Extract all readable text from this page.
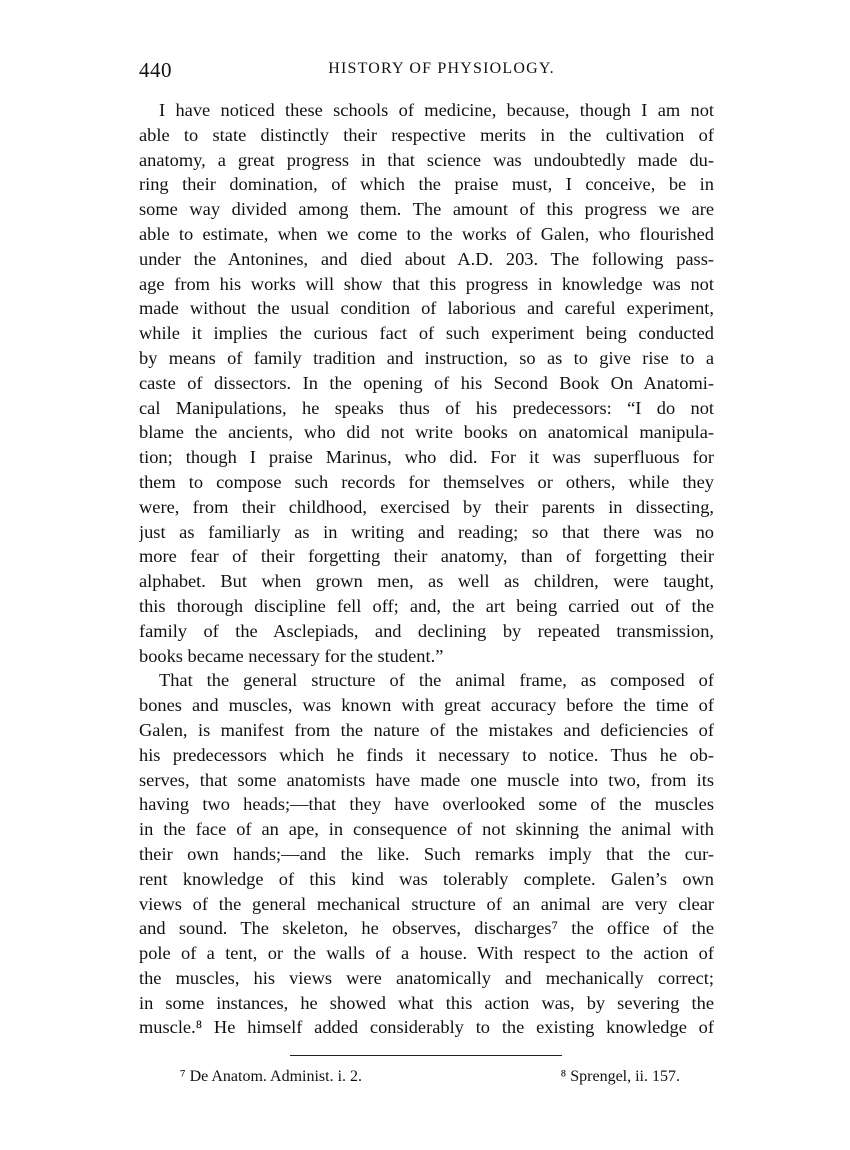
440	HISTORY OF PHYSIOLOGY.
I have noticed these schools of medicine, because, though I am not
able to state distinctly their respective merits in the cultivation of
anatomy, a great progress in that science was undoubtedly made du-
ring their domination, of which the praise must, I conceive, be in
some way divided among them. The amount of this progress we are
able to estimate, when we come to the works of Galen, who flourished
under the Antonines, and died about A.D. 203. The following pass-
age from his works will show that this progress in knowledge was not
made without the usual condition of laborious and careful experiment,
while it implies the curious fact of such experiment being conducted
by means of family tradition and instruction, so as to give rise to a
caste of dissectors. In the opening of his Second Book On Anatomi-
cal Manipulations, he speaks thus of his predecessors: “I do not
blame the ancients, who did not write books on anatomical manipula-
tion; though I praise Marinus, who did. For it was superfluous for
them to compose such records for themselves or others, while they
were, from their childhood, exercised by their parents in dissecting,
just as familiarly as in writing and reading; so that there was no
more fear of their forgetting their anatomy, than of forgetting their
alphabet. But when grown men, as well as children, were taught,
this thorough discipline fell off; and, the art being carried out of the
family of the Asclepiads, and declining by repeated transmission,
books became necessary for the student.”
That the general structure of the animal frame, as composed of
bones and muscles, was known with great accuracy before the time of
Galen, is manifest from the nature of the mistakes and deficiencies of
his predecessors which he finds it necessary to notice. Thus he ob-
serves, that some anatomists have made one muscle into two, from its
having two heads;—that they have overlooked some of the muscles
in the face of an ape, in consequence of not skinning the animal with
their own hands;—and the like. Such remarks imply that the cur-
rent knowledge of this kind was tolerably complete. Galen’s own
views of the general mechanical structure of an animal are very clear
and sound. The skeleton, he observes, discharges⁷ the office of the
pole of a tent, or the walls of a house. With respect to the action of
the muscles, his views were anatomically and mechanically correct;
in some instances, he showed what this action was, by severing the
muscle.⁸ He himself added considerably to the existing knowledge of
⁷ De Anatom. Administ. i. 2.	⁸ Sprengel, ii. 157.
